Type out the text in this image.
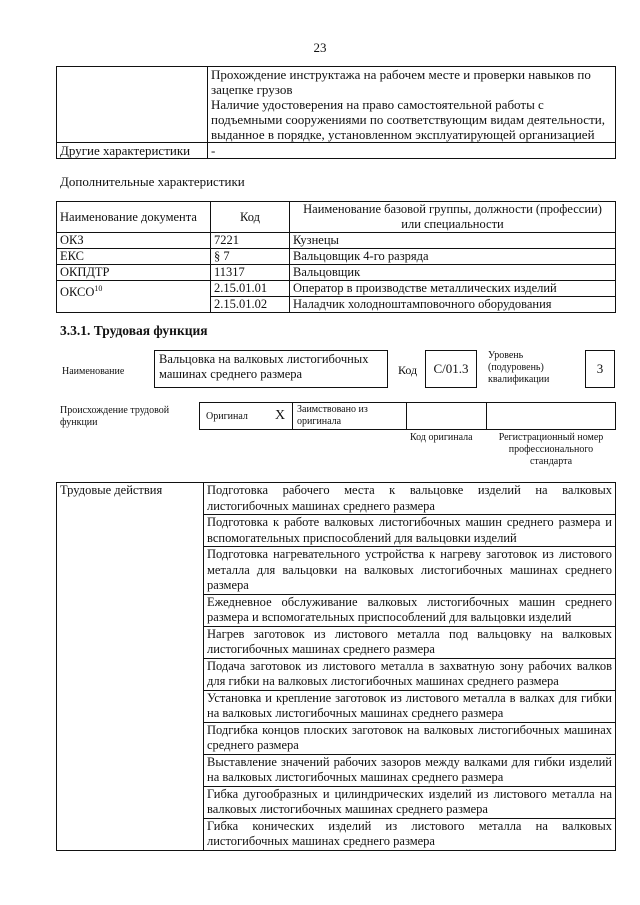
23

	Прохождение инструктажа на рабочем месте и проверки навыков по
зацепке грузов
Наличие удостоверения на право самостоятельной работы с
подъемными сооружениями по соответствующим видам деятельности,
выданное в порядке, установленном эксплуатирующей организацией

Другие характеристики	-
Дополнительные характеристики
Наименование документа	Код	Наименование базовой группы, должности (профессии) или специальности
ОКЗ	7221	Кузнецы
ЕКС	§ 7	Вальцовщик 4-го разряда
ОКПДТР	11317	Вальцовщик
ОКСО$^{10}$	2.15.01.01	Оператор в производстве металлических изделий
	2.15.01.02	Наладчик холодноштамповочного оборудования
3.3.1. Трудовая функция
Наименование
Вальцовка на валковых листогибочных машинах среднего размера	Код	C/01.3
Уровень (подуровень) квалификации
3
Происхождение трудовой функции
Оригинал X Заимствовано из оригинала
Код оригинала	Регистрационный номер профессионального стандарта
Трудовые действия	Подготовка рабочего места к вальцовке изделий на валковых листогибочных машинах среднего размера
Подготовка к работе валковых листогибочных машин среднего размера и вспомогательных приспособлений для вальцовки изделий
Подготовка нагревательного устройства к нагреву заготовок из листового металла для вальцовки на валковых листогибочных машинах среднего размера
Ежедневное обслуживание валковых листогибочных машин среднего размера и вспомогательных приспособлений для вальцовки изделий
Нагрев заготовок из листового металла под вальцовку на валковых листогибочных машинах среднего размера
Подача заготовок из листового металла в захватную зону рабочих валков для гибки на валковых листогибочных машинах среднего размера
Установка и крепление заготовок из листового металла в валках для гибки на валковых листогибочных машинах среднего размера
Подгибка концов плоских заготовок на валковых листогибочных машинах среднего размера
Выставление значений рабочих зазоров между валками для гибки изделий на валковых листогибочных машинах среднего размера
Гибка дугообразных и цилиндрических изделий из листового металла на валковых листогибочных машинах среднего размера
Гибка конических изделий из листового металла на валковых листогибочных машинах среднего размера
